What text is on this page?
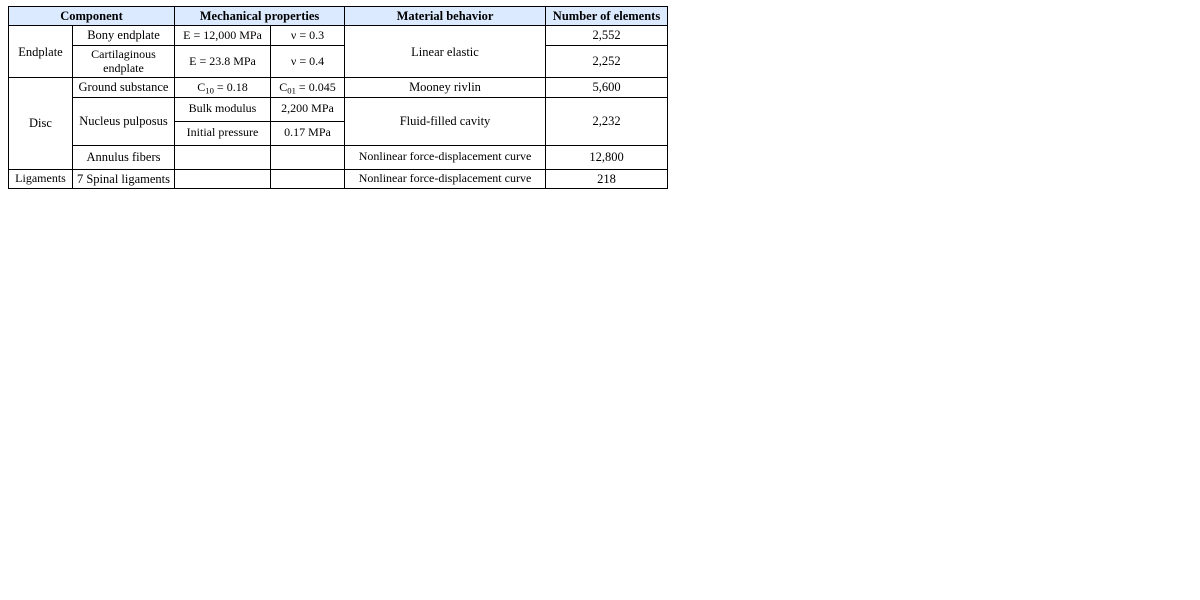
Component		Mechanical properties		Material behavior	Number of elements
Endplate	Bony endplate	E = 12,000 MPa	ν = 0.3	Linear elastic	2,552
	Cartilaginous endplate	E = 23.8 MPa	ν = 0.4		2,252
Disc	Ground substance	$C_{10} = 0.18$	$C_{01} = 0.045$	Mooney rivlin	5,600
	Nucleus pulposus	Bulk modulus	2,200 MPa	Fluid-filled cavity	2,232
		Initial pressure	0.17 MPa		
	Annulus fibers			Nonlinear force-displacement curve	12,800
Ligaments	7 Spinal ligaments			Nonlinear force-displacement curve	218
